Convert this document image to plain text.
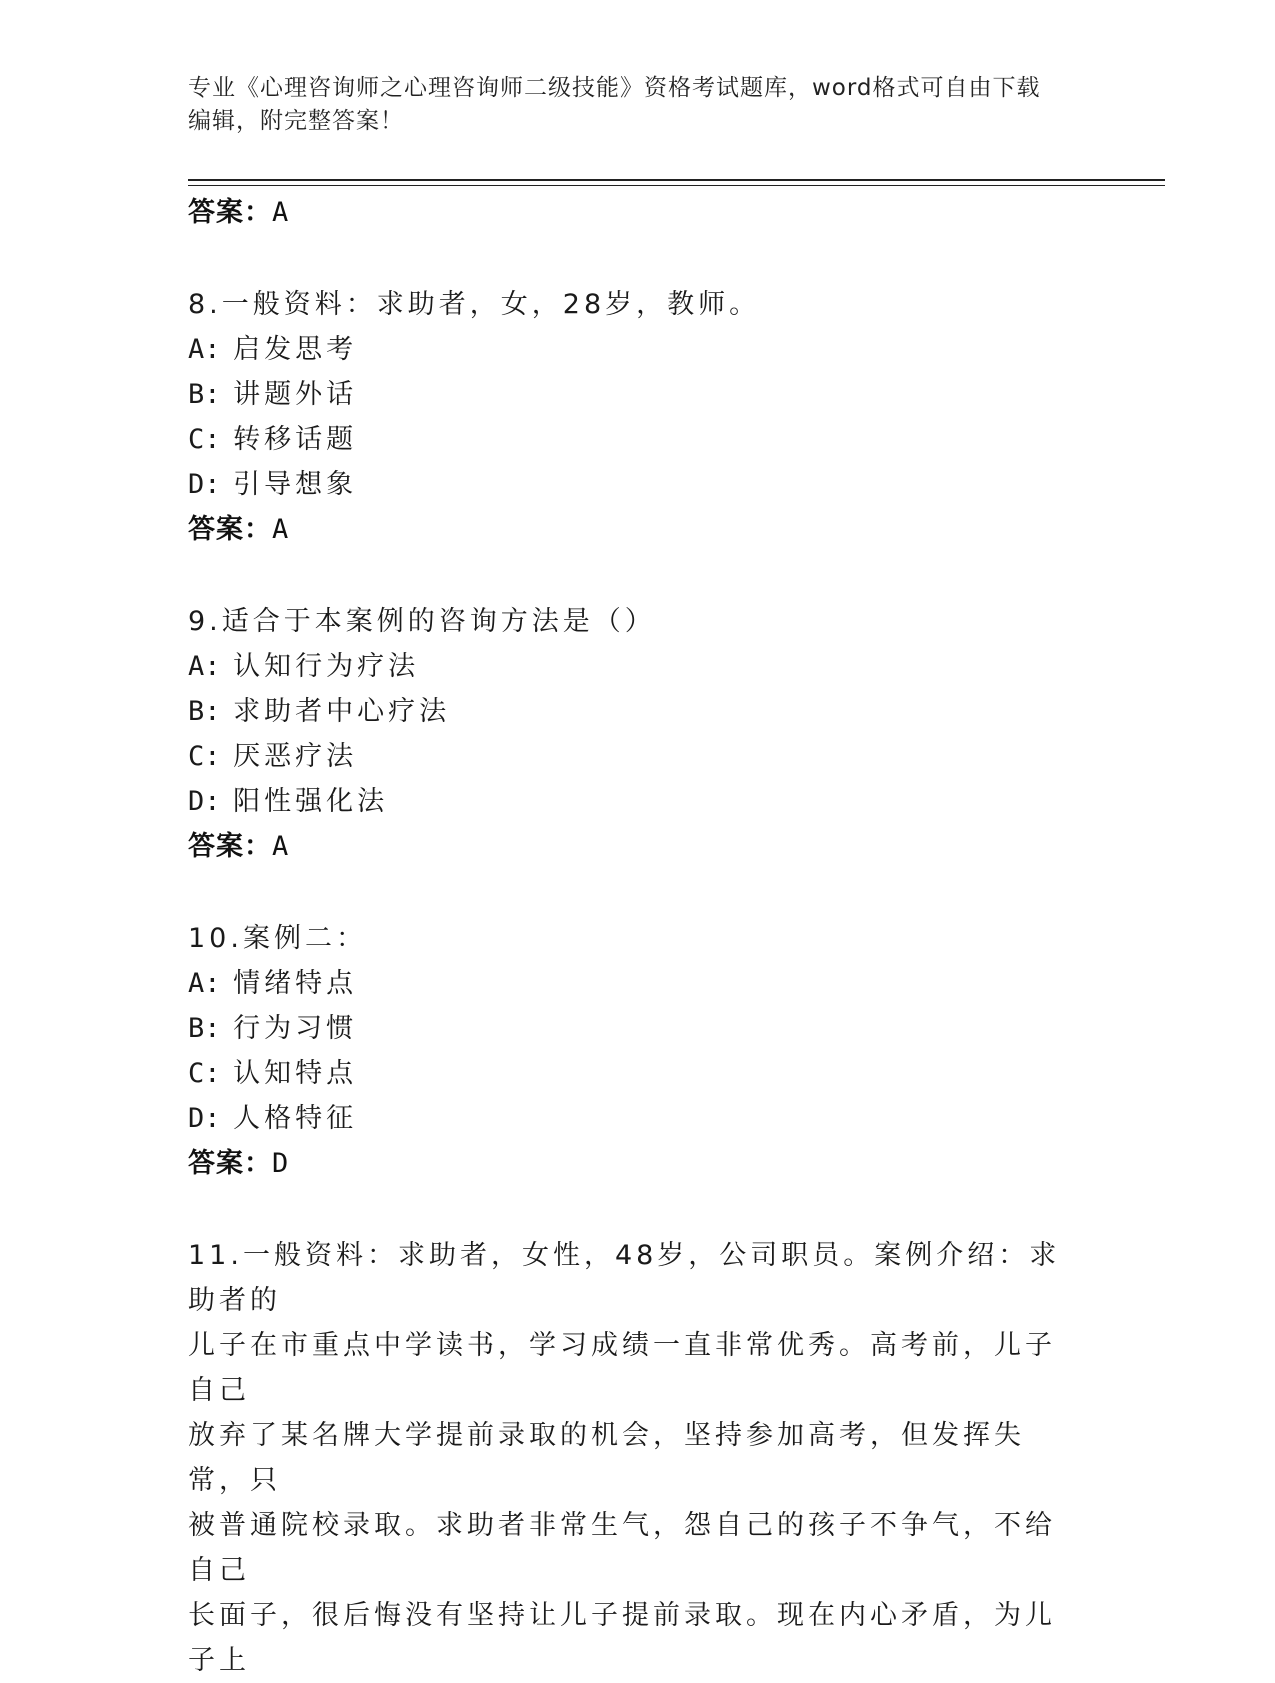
专业《心理咨询师之心理咨询师二级技能》资格考试题库，word格式可自由下载
编辑，附完整答案！
答案：A
8.一般资料：求助者，女，28岁，教师。
A: 启发思考
B: 讲题外话
C: 转移话题
D: 引导想象
答案：A
9.适合于本案例的咨询方法是（）
A: 认知行为疗法
B: 求助者中心疗法
C: 厌恶疗法
D: 阳性强化法
答案：A
10.案例二：
A: 情绪特点
B: 行为习惯
C: 认知特点
D: 人格特征
答案：D
11.一般资料：求助者，女性，48岁，公司职员。案例介绍：求助者的
儿子在市重点中学读书，学习成绩一直非常优秀。高考前，儿子自己
放弃了某名牌大学提前录取的机会，坚持参加高考，但发挥失常，只
被普通院校录取。求助者非常生气，怨自己的孩子不争气，不给自己
长面子，很后悔没有坚持让儿子提前录取。现在内心矛盾，为儿子上
